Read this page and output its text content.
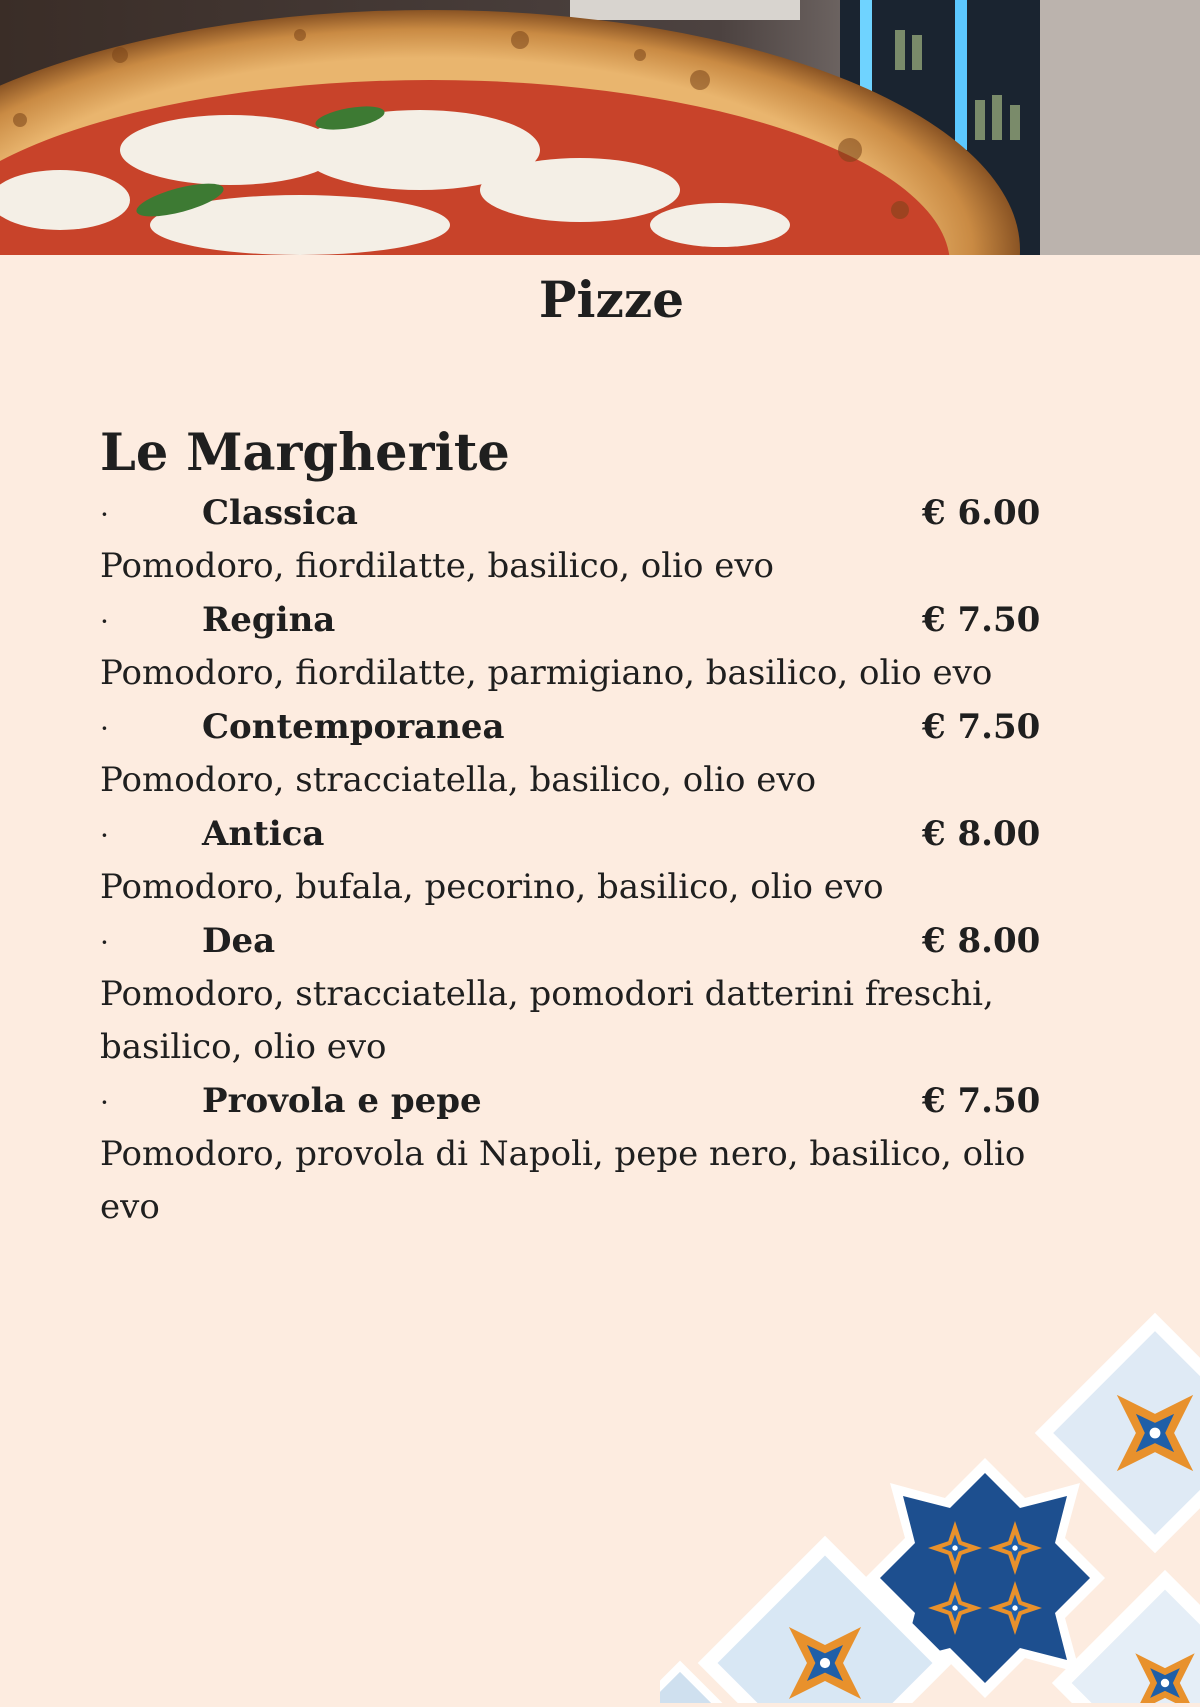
Pizze
Le Margherite
·	Classica	€ 6.00

Pomodoro, fiordilatte, basilico, olio evo

·	Regina	€ 7.50

Pomodoro, fiordilatte, parmigiano, basilico, olio evo

·	Contemporanea	€ 7.50

Pomodoro, stracciatella, basilico, olio evo

·	Antica	€ 8.00

Pomodoro, bufala, pecorino, basilico, olio evo

·	Dea	€ 8.00

Pomodoro, stracciatella, pomodori datterini freschi, basilico, olio evo

·	Provola e pepe	€ 7.50

Pomodoro, provola di Napoli, pepe nero, basilico, olio evo
